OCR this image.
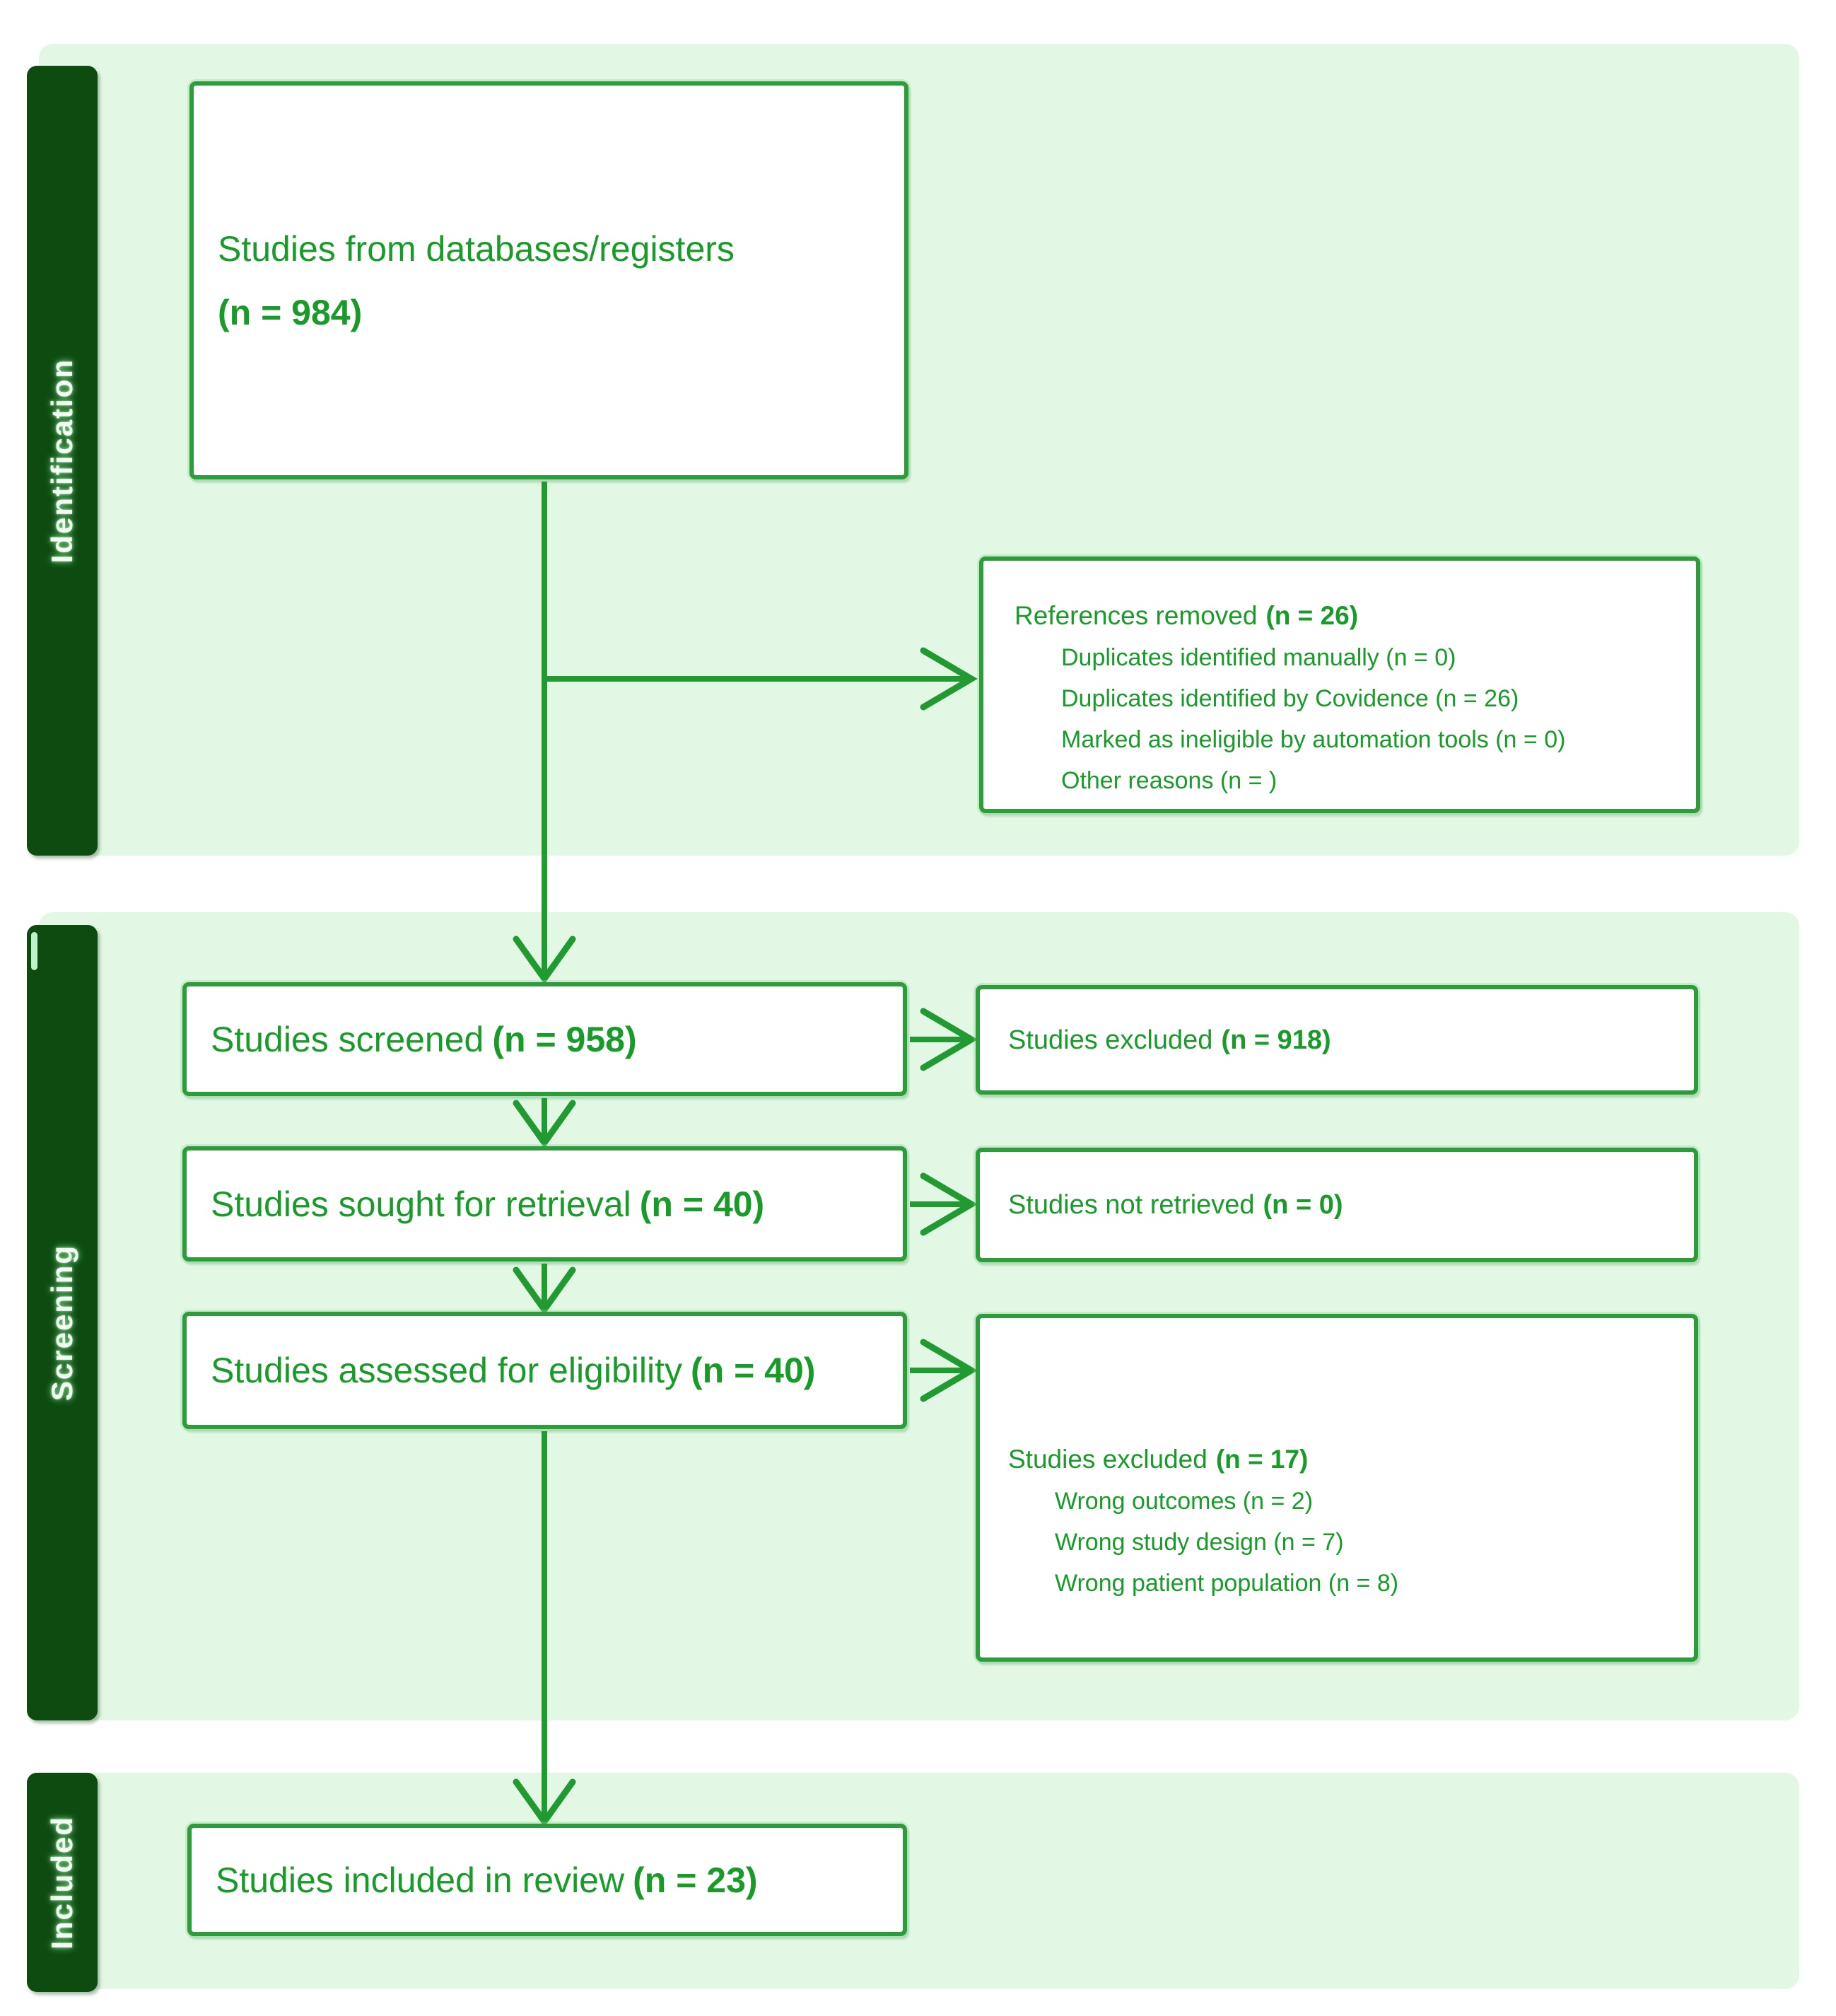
Identification
Screening
Included
Studies from databases/registers
(n = 984)
References removed (n = 26)
Duplicates identified manually (n = 0)
Duplicates identified by Covidence (n = 26)
Marked as ineligible by automation tools (n = 0)
Other reasons (n = )
Studies screened (n = 958)	Studies excluded (n = 918)
Studies sought for retrieval (n = 40)	Studies not retrieved (n = 0)
Studies assessed for eligibility (n = 40)
Studies excluded (n = 17)
Wrong outcomes (n = 2)
Wrong study design (n = 7)
Wrong patient population (n = 8)
Studies included in review (n = 23)
